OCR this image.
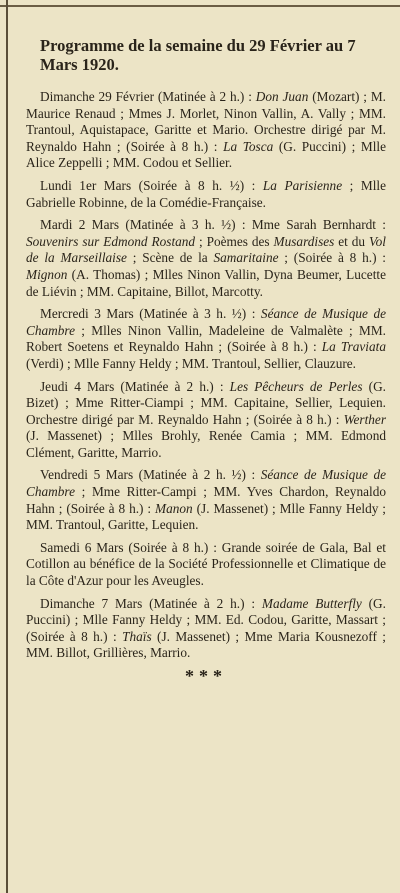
Programme de la semaine du 29 Février au 7 Mars 1920.

Dimanche 29 Février (Matinée à 2 h.) : Don Juan (Mozart) ; M. Maurice Renaud ; Mmes J. Morlet, Ninon Vallin, A. Vally ; MM. Trantoul, Aquistapace, Garitte et Mario. Orchestre dirigé par M. Reynaldo Hahn ; (Soirée à 8 h.) : La Tosca (G. Puccini) ; Mlle Alice Zeppelli ; MM. Codou et Sellier.

Lundi 1er Mars (Soirée à 8 h. ½) : La Parisienne ; Mlle Gabrielle Robinne, de la Comédie-Française.

Mardi 2 Mars (Matinée à 3 h. ½) : Mme Sarah Bernhardt : Souvenirs sur Edmond Rostand ; Poèmes des Musardises et du Vol de la Marseillaise ; Scène de la Samaritaine ; (Soirée à 8 h.) : Mignon (A. Thomas) ; Mlles Ninon Vallin, Dyna Beumer, Lucette de Liévin ; MM. Capitaine, Billot, Marcotty.

Mercredi 3 Mars (Matinée à 3 h. ½) : Séance de Musique de Chambre ; Mlles Ninon Vallin, Madeleine de Valmalète ; MM. Robert Soetens et Reynaldo Hahn ; (Soirée à 8 h.) : La Traviata (Verdi) ; Mlle Fanny Heldy ; MM. Trantoul, Sellier, Clauzure.

Jeudi 4 Mars (Matinée à 2 h.) : Les Pêcheurs de Perles (G. Bizet) ; Mme Ritter-Ciampi ; MM. Capitaine, Sellier, Lequien. Orchestre dirigé par M. Reynaldo Hahn ; (Soirée à 8 h.) : Werther (J. Massenet) ; Mlles Brohly, Renée Camia ; MM. Edmond Clément, Garitte, Marrio.

Vendredi 5 Mars (Matinée à 2 h. ½) : Séance de Musique de Chambre ; Mme Ritter-Campi ; MM. Yves Chardon, Reynaldo Hahn ; (Soirée à 8 h.) : Manon (J. Massenet) ; Mlle Fanny Heldy ; MM. Trantoul, Garitte, Lequien.

Samedi 6 Mars (Soirée à 8 h.) : Grande soirée de Gala, Bal et Cotillon au bénéfice de la Société Professionnelle et Climatique de la Côte d'Azur pour les Aveugles.

Dimanche 7 Mars (Matinée à 2 h.) : Madame Butterfly (G. Puccini) ; Mlle Fanny Heldy ; MM. Ed. Codou, Garitte, Massart ; (Soirée à 8 h.) : Thaïs (J. Massenet) ; Mme Maria Kousnezoff ; MM. Billot, Grillières, Marrio.

***
